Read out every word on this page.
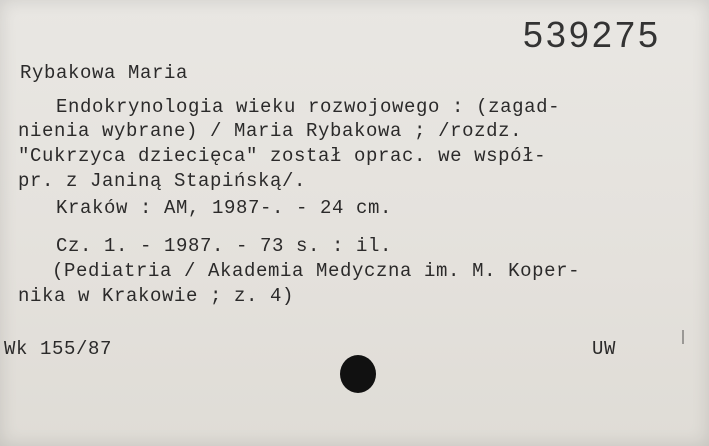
539275
Rybakowa Maria
Endokrynologia wieku rozwojowego : (zagad-
nienia wybrane) / Maria Rybakowa ; /rozdz.
"Cukrzyca dziecięca" został oprac. we współ-
pr. z Janiną Stapińską/.
Kraków : AM, 1987-. - 24 cm.
Cz. 1. - 1987. - 73 s. : il.
(Pediatria / Akademia Medyczna im. M. Koper-
nika w Krakowie ; z. 4)
Wk 155/87	UW
